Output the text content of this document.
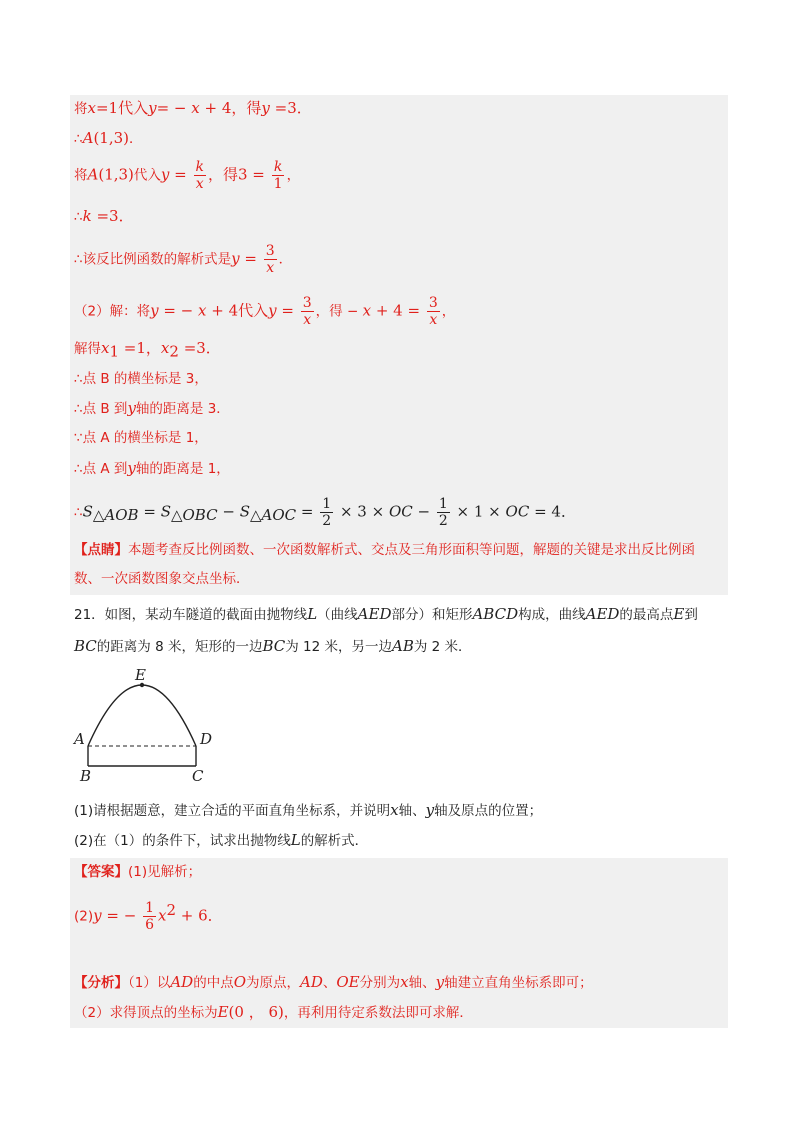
将x=1代入y= − x + 4，得y =3．
∴A(1,3)．
将A(1,3)代入$y = \frac{k}{x}$ ，得$3 = \frac{k}{1}$ ，
∴k =3．
∴该反比例函数的解析式是$y = \frac{3}{x}$ ．
（2）解：将y = − x + 4代入$y = \frac{3}{x}$ ，得 − $x + 4 = \frac{3}{x}$ ，
解得$x_1 =1$，$x_2 =3$．
∴点 B 的横坐标是 3，
∴点 B 到y轴的距离是 3．
∵点 A 的横坐标是 1，
∴点 A 到y轴的距离是 1，
$\therefore S_{\triangle AOB} = S_{\triangle OBC} - S_{\triangle AOC} = \frac{1}{2} \times 3$ × OC − $\frac{1}{2} \times 1$ × OC = 4．
【点睛】本题考查反比例函数、一次函数解析式、交点及三角形面积等问题，解题的关键是求出反比例函
数、一次函数图象交点坐标．
21．如图，某动车隧道的截面由抛物线L（曲线AED部分）和矩形ABCD构成，曲线AED的最高点E到
BC的距离为 8 米，矩形的一边BC为 12 米，另一边AB为 2 米．
E
A	D
B	C
(1)请根据题意，建立合适的平面直角坐标系，并说明x轴、y轴及原点的位置；
(2)在（1）的条件下，试求出抛物线L的解析式．
【答案】(1)见解析；
(2)y = − $\frac{1}{6} x^2 + 6$．
【分析】（1）以AD的中点O为原点，AD、OE分别为x轴、y轴建立直角坐标系即可；
（2）求得顶点的坐标为E(0 ， 6)，再利用待定系数法即可求解．
